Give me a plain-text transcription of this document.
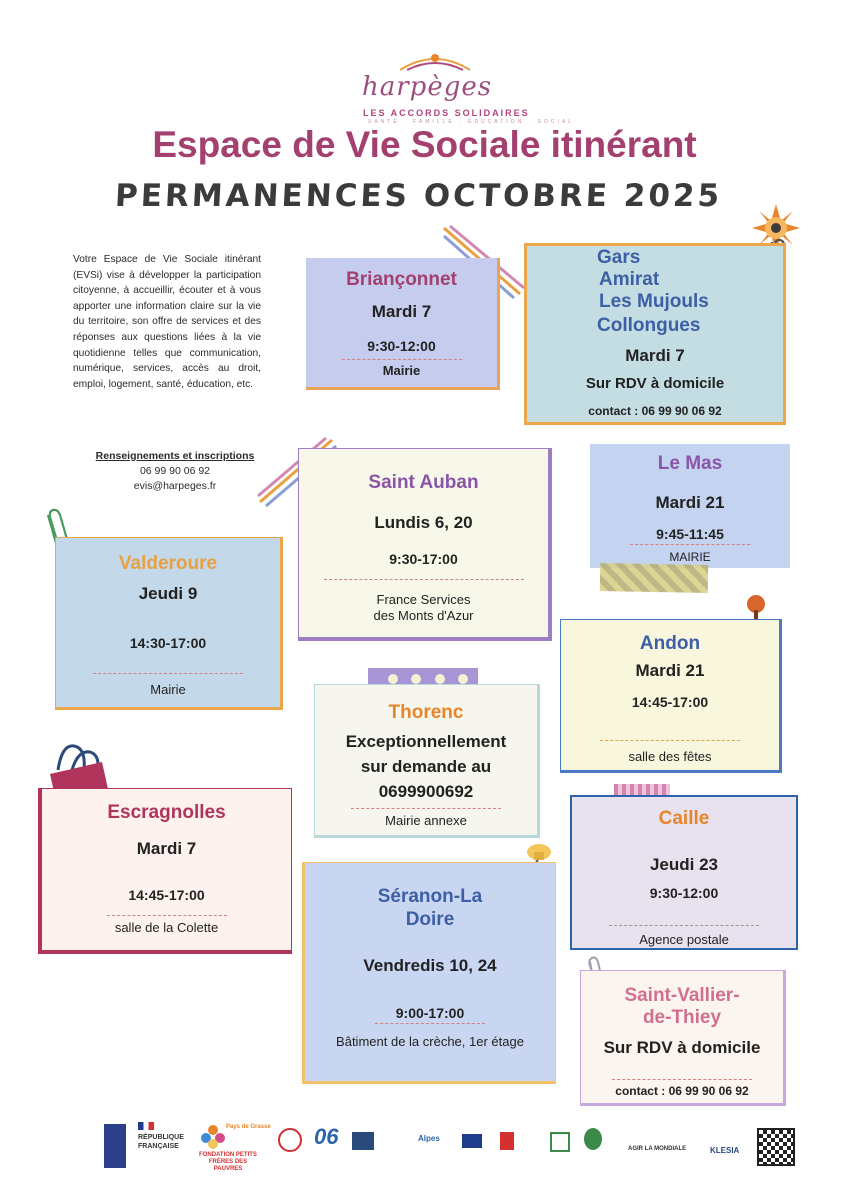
harpèges
LES ACCORDS SOLIDAIRES
SANTÉ · FAMILLE · ÉDUCATION · SOCIAL
Espace de Vie Sociale itinérant
PERMANENCES OCTOBRE 2025
Votre Espace de Vie Sociale itinérant (EVSi) vise à développer la participation citoyenne, à accueillir, écouter et à vous apporter une information claire sur la vie du territoire, son offre de services et des réponses aux questions liées à la vie quotidienne telles que communication, numérique, services, accès au droit, emploi, logement, santé, éducation, etc.
Renseignements et inscriptions
06 99 90 06 92
evis@harpeges.fr
Briançonnet
Mardi 7
9:30-12:00
Mairie
Gars
Amirat
Les Mujouls
Collongues
Mardi 7
Sur RDV à domicile
contact : 06 99 90 06 92
Saint Auban
Lundis 6, 20
9:30-17:00
France Services
des Monts d'Azur
Le Mas
Mardi 21
9:45-11:45
MAIRIE
Valderoure
Jeudi 9
14:30-17:00
Mairie
Andon
Mardi 21
14:45-17:00
salle des fêtes
Thorenc
Exceptionnellement
sur demande au
0699900692
Mairie annexe
Escragnolles
Mardi 7
14:45-17:00
salle de la Colette
Caille
Jeudi 23
9:30-12:00
Agence postale
Séranon-La
Doire
Vendredis 10, 24
9:00-17:00
Bâtiment de la crèche, 1er étage
Saint-Vallier-
de-Thiey
Sur RDV à domicile
contact : 06 99 90 06 92
RÉPUBLIQUE FRANÇAISE
Pays de Grasse
FONDATION PETITS FRÈRES DES PAUVRES
06	Alpes
AGIR LA MONDIALE	KLESIA
